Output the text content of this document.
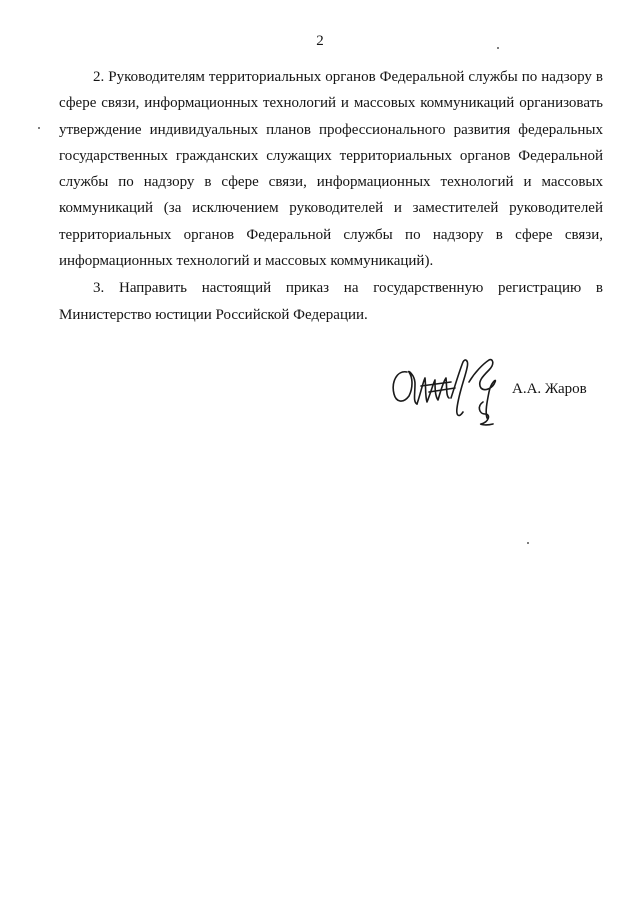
2

2. Руководителям территориальных органов Федеральной службы по надзору в сфере связи, информационных технологий и массовых коммуникаций организовать утверждение индивидуальных планов профессионального развития федеральных государственных гражданских служащих территориальных органов Федеральной службы по надзору в сфере связи, информационных технологий и массовых коммуникаций (за исключением руководителей и заместителей руководителей территориальных органов Федеральной службы по надзору в сфере связи, информационных технологий и массовых коммуникаций).

3. Направить настоящий приказ на государственную регистрацию в Министерство юстиции Российской Федерации.

А.А. Жаров
